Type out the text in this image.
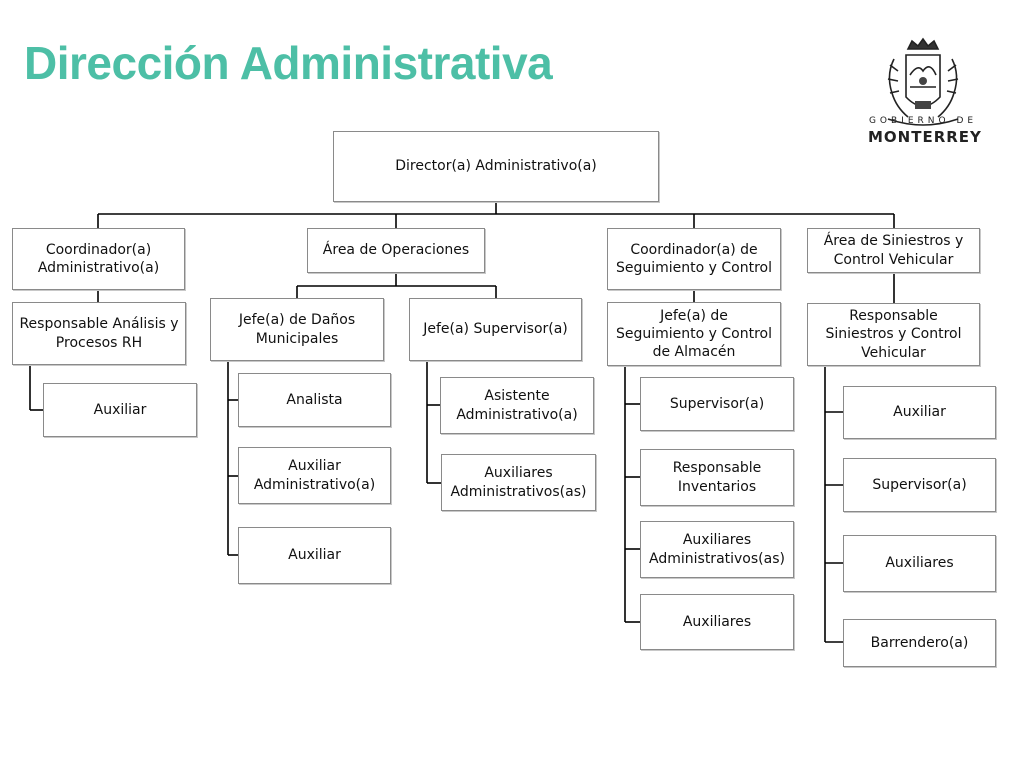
Dirección Administrativa
GOBIERNO DE
MONTERREY
Director(a) Administrativo(a)
Coordinador(a) Administrativo(a)
Responsable Análisis y Procesos RH
Auxiliar
Área de Operaciones
Jefe(a) de Daños Municipales
Jefe(a) Supervisor(a)
Analista
Auxiliar Administrativo(a)
Auxiliar
Asistente Administrativo(a)
Auxiliares Administrativos(as)
Coordinador(a) de Seguimiento y Control
Jefe(a) de Seguimiento y Control de Almacén
Supervisor(a)
Responsable Inventarios
Auxiliares Administrativos(as)
Auxiliares
Área de Siniestros y Control Vehicular
Responsable Siniestros y Control Vehicular
Auxiliar
Supervisor(a)
Auxiliares
Barrendero(a)
